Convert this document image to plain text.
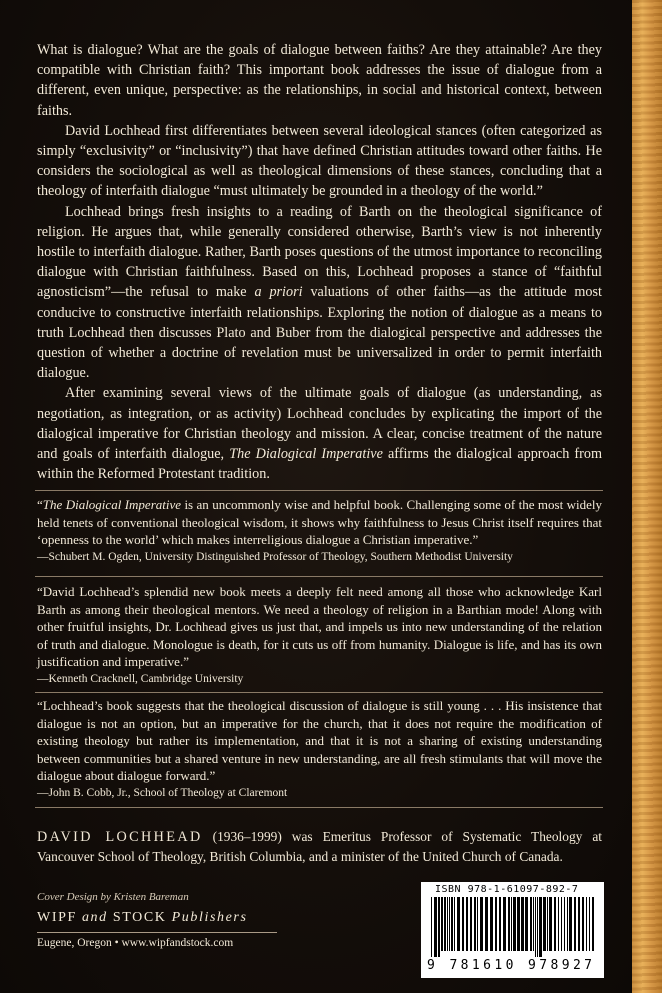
What is dialogue? What are the goals of dialogue between faiths? Are they attainable? Are they compatible with Christian faith? This important book addresses the issue of dialogue from a different, even unique, perspective: as the relationships, in social and historical context, between faiths.

David Lochhead first differentiates between several ideological stances (often categorized as simply “exclusivity” or “inclusivity”) that have defined Christian attitudes toward other faiths. He considers the sociological as well as theological dimensions of these stances, concluding that a theology of interfaith dialogue “must ultimately be grounded in a theology of the world.”

Lochhead brings fresh insights to a reading of Barth on the theological significance of religion. He argues that, while generally considered otherwise, Barth’s view is not inherently hostile to interfaith dialogue. Rather, Barth poses questions of the utmost importance to reconciling dialogue with Christian faithfulness. Based on this, Lochhead proposes a stance of “faithful agnosticism”—the refusal to make a priori valuations of other faiths—as the attitude most conducive to constructive interfaith relationships. Exploring the notion of dialogue as a means to truth Lochhead then discusses Plato and Buber from the dialogical perspective and addresses the question of whether a doctrine of revelation must be universalized in order to permit interfaith dialogue.

After examining several views of the ultimate goals of dialogue (as understanding, as negotiation, as integration, or as activity) Lochhead concludes by explicating the import of the dialogical imperative for Christian theology and mission. A clear, concise treatment of the nature and goals of interfaith dialogue, The Dialogical Imperative affirms the dialogical approach from within the Reformed Protestant tradition.

“The Dialogical Imperative is an uncommonly wise and helpful book. Challenging some of the most widely held tenets of conventional theological wisdom, it shows why faithfulness to Jesus Christ itself requires that ‘openness to the world’ which makes interreligious dialogue a Christian imperative.”

—Schubert M. Ogden, University Distinguished Professor of Theology, Southern Methodist University

“David Lochhead’s splendid new book meets a deeply felt need among all those who acknowledge Karl Barth as among their theological mentors. We need a theology of religion in a Barthian mode! Along with other fruitful insights, Dr. Lochhead gives us just that, and impels us into new understanding of the relation of truth and dialogue. Monologue is death, for it cuts us off from humanity. Dialogue is life, and has its own justification and imperative.”

—Kenneth Cracknell, Cambridge University

“Lochhead’s book suggests that the theological discussion of dialogue is still young . . . His insistence that dialogue is not an option, but an imperative for the church, that it does not require the modification of existing theology but rather its implementation, and that it is not a sharing of existing understanding between communities but a shared venture in new understanding, are all fresh stimulants that will move the dialogue about dialogue forward.”

—John B. Cobb, Jr., School of Theology at Claremont

DAVID LOCHHEAD (1936–1999) was Emeritus Professor of Systematic Theology at Vancouver School of Theology, British Columbia, and a minister of the United Church of Canada.
Cover Design by Kristen Bareman
WIPF and STOCK Publishers
Eugene, Oregon • www.wipfandstock.com
ISBN 978-1-61097-892-7
9 781610 978927
